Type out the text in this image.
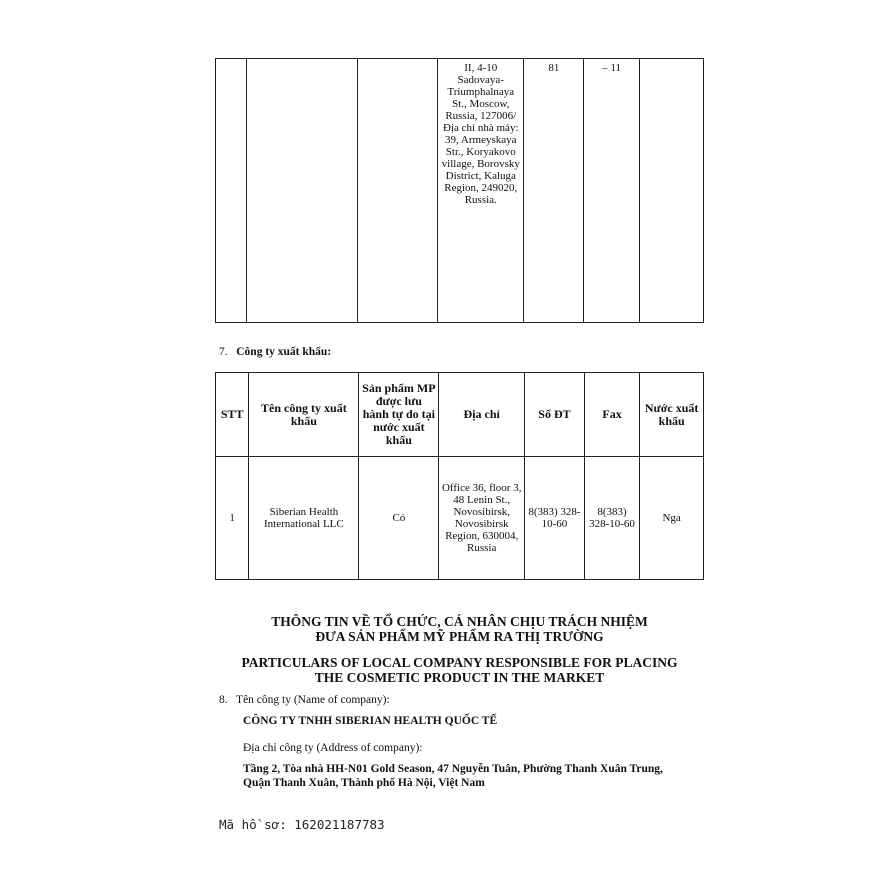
			II, 4-10 Sadovaya-Triumphalnaya St., Moscow, Russia, 127006/ Địa chỉ nhà máy: 39, Armeyskaya Str., Koryakovo village, Borovsky District, Kaluga Region, 249020, Russia.	81	– 11	
7. Công ty xuất khẩu:
STT	Tên công ty xuất khẩu	Sản phẩm MP được lưu hành tự do tại nước xuất khẩu	Địa chỉ	Số ĐT	Fax	Nước xuất khẩu
1	Siberian Health International LLC	Có	Office 36, floor 3, 48 Lenin St., Novosibirsk, Novosibirsk Region, 630004, Russia	8(383) 328-10-60	8(383) 328-10-60	Nga
THÔNG TIN VỀ TỔ CHỨC, CÁ NHÂN CHỊU TRÁCH NHIỆM
ĐƯA SẢN PHẨM MỸ PHẨM RA THỊ TRƯỜNG
PARTICULARS OF LOCAL COMPANY RESPONSIBLE FOR PLACING
THE COSMETIC PRODUCT IN THE MARKET
8. Tên công ty (Name of company):
CÔNG TY TNHH SIBERIAN HEALTH QUỐC TẾ
Địa chỉ công ty (Address of company):
Tầng 2, Tòa nhà HH-N01 Gold Season, 47 Nguyễn Tuân, Phường Thanh Xuân Trung,
Quận Thanh Xuân, Thành phố Hà Nội, Việt Nam
Mã hồ sơ: 162021187783
